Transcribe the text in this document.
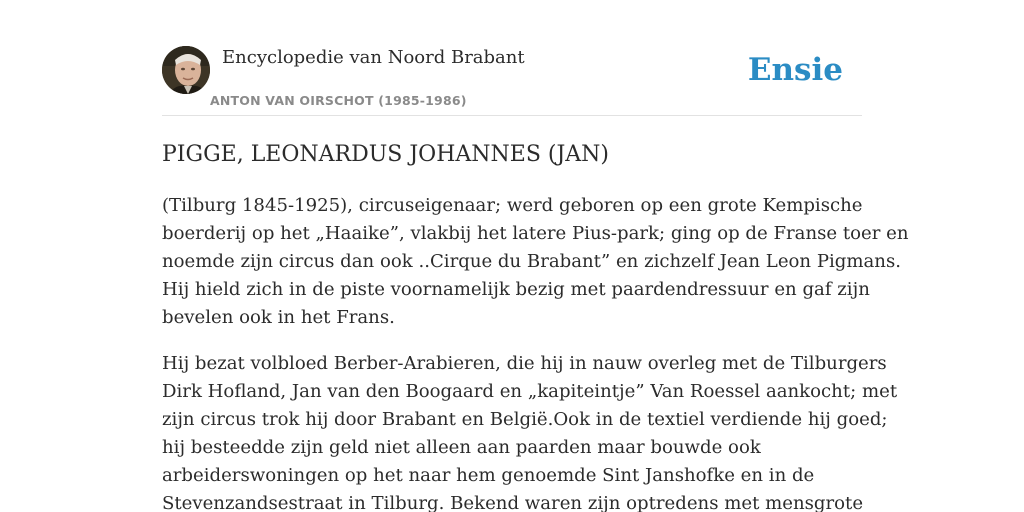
Encyclopedie van Noord Brabant
ANTON VAN OIRSCHOT (1985-1986)
Ensie
PIGGE, LEONARDUS JOHANNES (JAN)

(Tilburg 1845-1925), circuseigenaar; werd geboren op een grote Kempische
boerderij op het „Haaike”, vlakbij het latere Pius-park; ging op de Franse toer en
noemde zijn circus dan ook ..Cirque du Brabant” en zichzelf Jean Leon Pigmans.
Hij hield zich in de piste voornamelijk bezig met paardendressuur en gaf zijn
bevelen ook in het Frans.

Hij bezat volbloed Berber-Arabieren, die hij in nauw overleg met de Tilburgers
Dirk Hofland, Jan van den Boogaard en „kapiteintje” Van Roessel aankocht; met
zijn circus trok hij door Brabant en België.Ook in de textiel verdiende hij goed;
hij besteedde zijn geld niet alleen aan paarden maar bouwde ook
arbeiderswoningen op het naar hem genoemde Sint Janshofke en in de
Stevenzandsestraat in Tilburg. Bekend waren zijn optredens met mensgrote
